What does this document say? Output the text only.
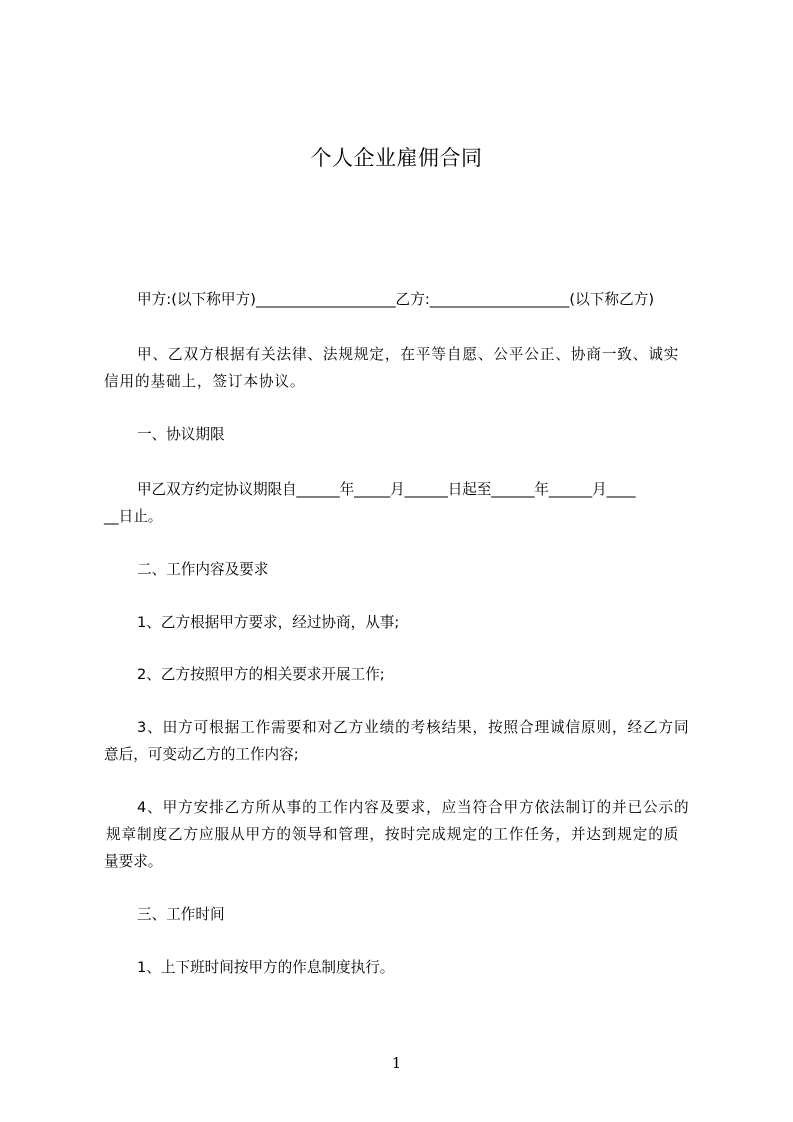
个人企业雇佣合同
甲方:(以下称甲方)___________________乙方:___________________(以下称乙方)
甲、乙双方根据有关法律、法规规定，在平等自愿、公平公正、协商一致、诚实
信用的基础上，签订本协议。
一、协议期限
甲乙双方约定协议期限自______年_____月______日起至______年______月____
__日止。
二、工作内容及要求
1、乙方根据甲方要求，经过协商，从事;
2、乙方按照甲方的相关要求开展工作;
3、田方可根据工作需要和对乙方业绩的考核结果，按照合理诚信原则，经乙方同
意后，可变动乙方的工作内容;
4、甲方安排乙方所从事的工作内容及要求，应当符合甲方依法制订的并已公示的
规章制度乙方应服从甲方的领导和管理，按时完成规定的工作任务，并达到规定的质
量要求。
三、工作时间
1、上下班时间按甲方的作息制度执行。
1
